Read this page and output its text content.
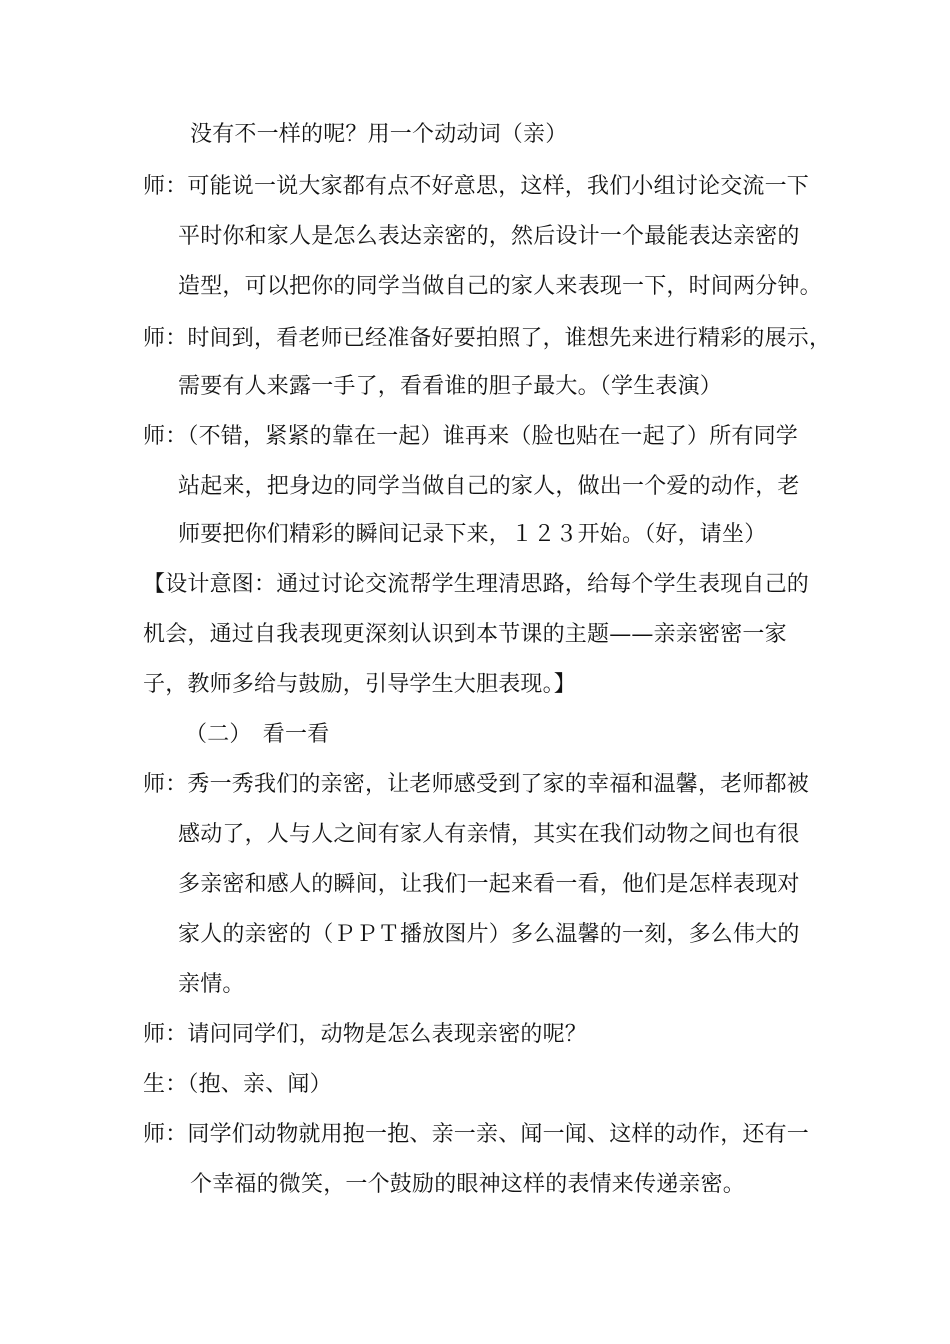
没有不一样的呢？用一个动动词（亲）
师：可能说一说大家都有点不好意思，这样，我们小组讨论交流一下
平时你和家人是怎么表达亲密的，然后设计一个最能表达亲密的
造型，可以把你的同学当做自己的家人来表现一下，时间两分钟。
师：时间到，看老师已经准备好要拍照了，谁想先来进行精彩的展示，
需要有人来露一手了，看看谁的胆子最大。（学生表演）
师：（不错，紧紧的靠在一起）谁再来（脸也贴在一起了）所有同学
站起来，把身边的同学当做自己的家人，做出一个爱的动作，老
师要把你们精彩的瞬间记录下来，１２３开始。（好，请坐）
【设计意图：通过讨论交流帮学生理清思路，给每个学生表现自己的
机会，通过自我表现更深刻认识到本节课的主题——亲亲密密一家
子，教师多给与鼓励，引导学生大胆表现。】
（二）　看一看
师：秀一秀我们的亲密，让老师感受到了家的幸福和温馨，老师都被
感动了，人与人之间有家人有亲情，其实在我们动物之间也有很
多亲密和感人的瞬间，让我们一起来看一看，他们是怎样表现对
家人的亲密的（ＰＰＴ播放图片）多么温馨的一刻，多么伟大的
亲情。
师：请问同学们，动物是怎么表现亲密的呢？
生：（抱、亲、闻）
师：同学们动物就用抱一抱、亲一亲、闻一闻、这样的动作，还有一
个幸福的微笑，一个鼓励的眼神这样的表情来传递亲密。
